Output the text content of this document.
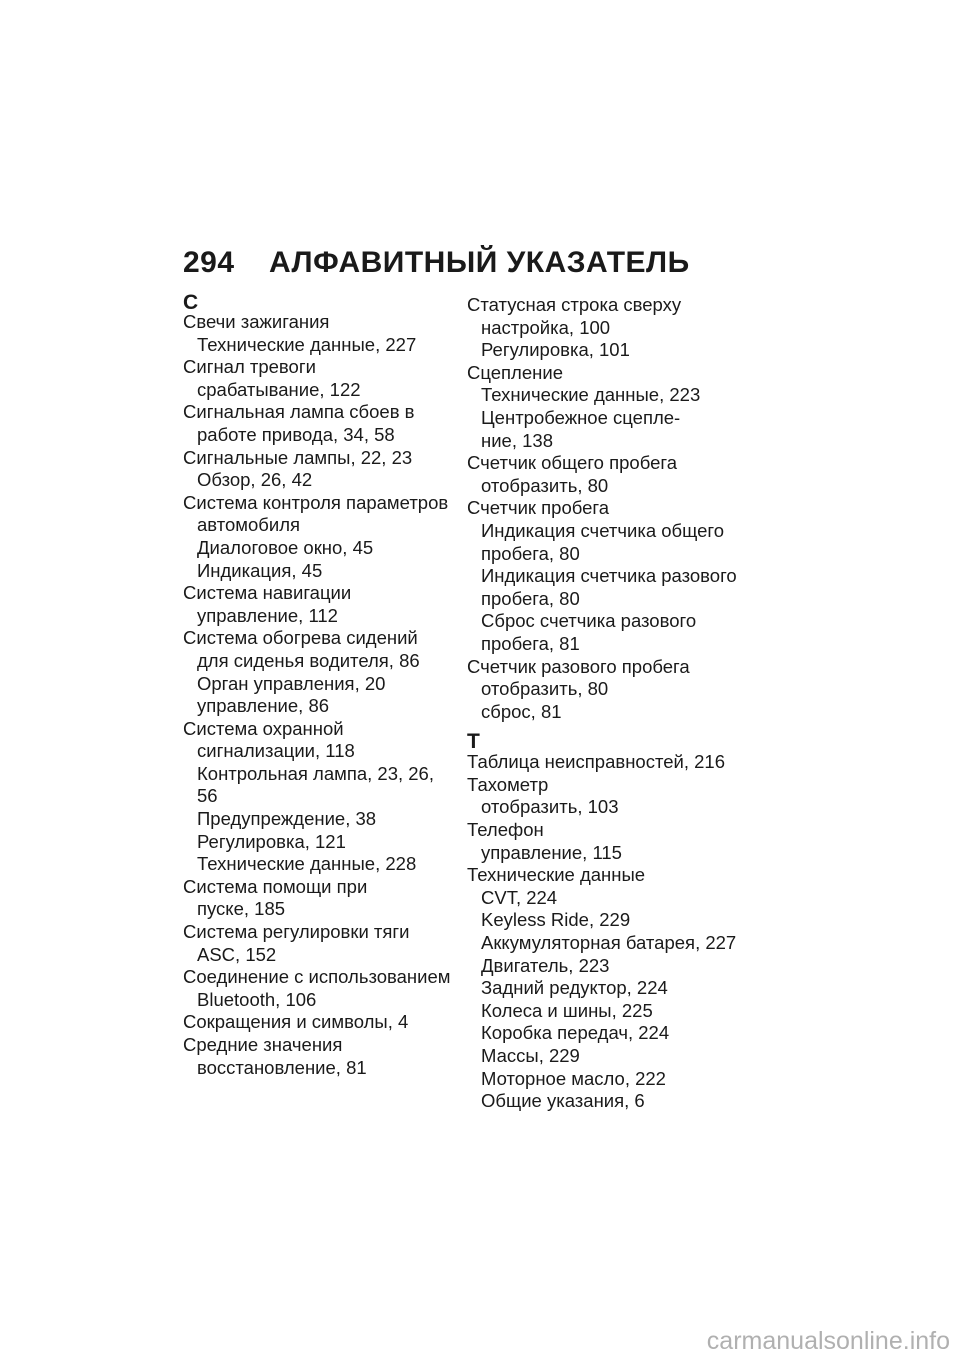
294 АЛФАВИТНЫЙ УКАЗАТЕЛЬ
С
Свечи зажигания
Технические данные, 227
Сигнал тревоги
срабатывание, 122
Сигнальная лампа сбоев в
работе привода, 34, 58
Сигнальные лампы, 22, 23
Обзор, 26, 42
Система контроля параметров
автомобиля
Диалоговое окно, 45
Индикация, 45
Система навигации
управление, 112
Система обогрева сидений
для сиденья водителя, 86
Орган управления, 20
управление, 86
Система охранной
сигнализации, 118
Контрольная лампа, 23, 26,
56
Предупреждение, 38
Регулировка, 121
Технические данные, 228
Система помощи при
пуске, 185
Система регулировки тяги
ASC, 152
Соединение с использованием
Bluetooth, 106
Сокращения и символы, 4
Средние значения
восстановление, 81
Статусная строка сверху
настройка, 100
Регулировка, 101
Сцепление
Технические данные, 223
Центробежное сцепле-
ние, 138
Счетчик общего пробега
отобразить, 80
Счетчик пробега
Индикация счетчика общего
пробега, 80
Индикация счетчика разового
пробега, 80
Сброс счетчика разового
пробега, 81
Счетчик разового пробега
отобразить, 80
сброс, 81
Т
Таблица неисправностей, 216
Тахометр
отобразить, 103
Телефон
управление, 115
Технические данные
CVT, 224
Keyless Ride, 229
Аккумуляторная батарея, 227
Двигатель, 223
Задний редуктор, 224
Колеса и шины, 225
Коробка передач, 224
Массы, 229
Моторное масло, 222
Общие указания, 6
carmanualsonline.info
